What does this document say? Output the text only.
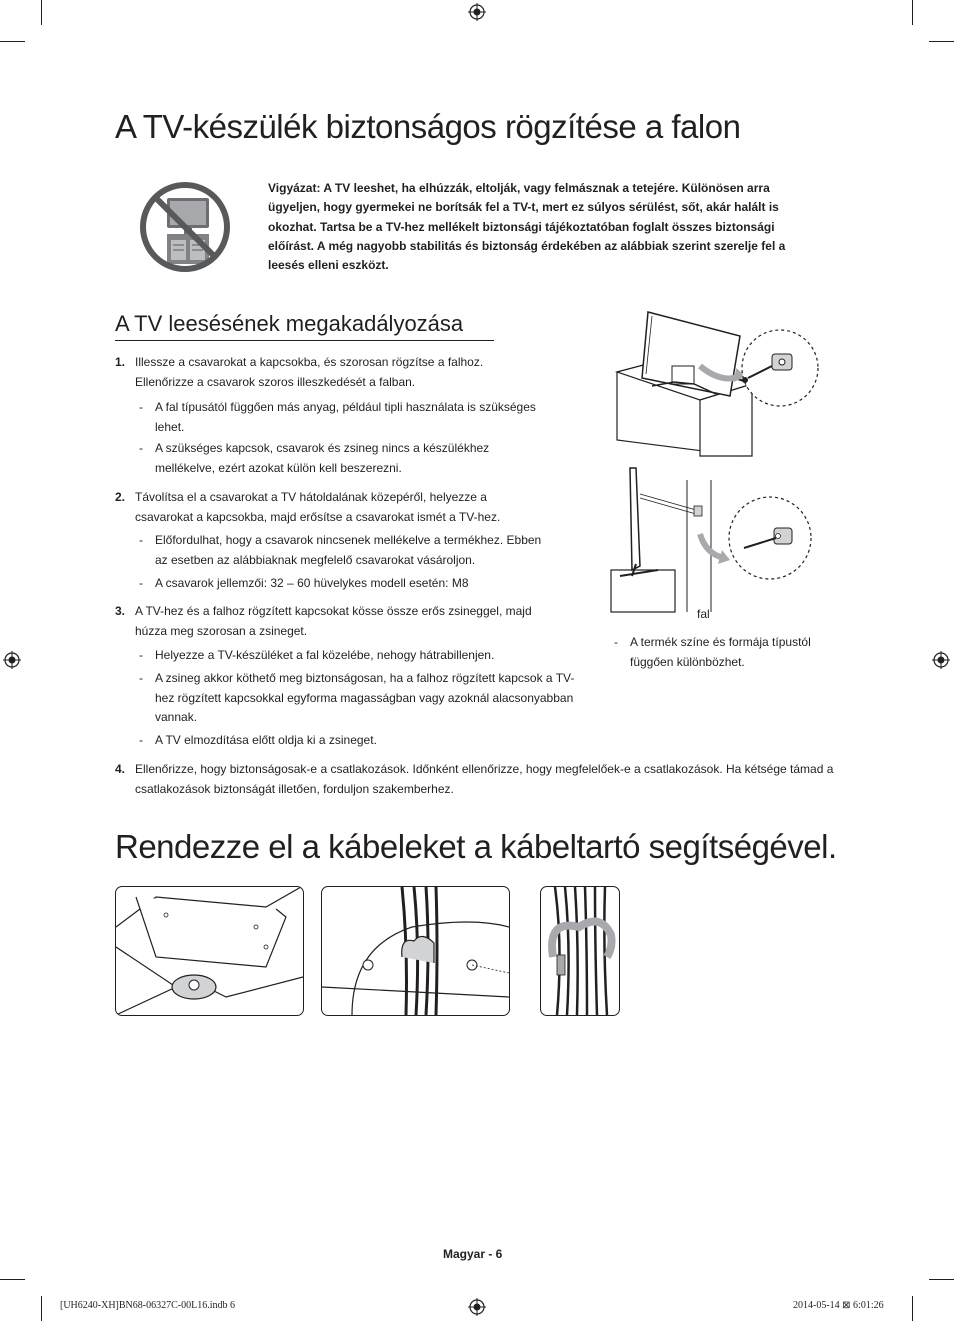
A TV-készülék biztonságos rögzítése a falon
Vigyázat: A TV leeshet, ha elhúzzák, eltolják, vagy felmásznak a tetejére. Különösen arra ügyeljen, hogy gyermekei ne borítsák fel a TV-t, mert ez súlyos sérülést, sőt, akár halált is okozhat. Tartsa be a TV-hez mellékelt biztonsági tájékoztatóban foglalt összes biztonsági előírást. A még nagyobb stabilitás és biztonság érdekében az alábbiak szerint szerelje fel a leesés elleni eszközt.
A TV leesésének megakadályozása
1. Illessze a csavarokat a kapcsokba, és szorosan rögzítse a falhoz. Ellenőrizze a csavarok szoros illeszkedését a falban.
-	A fal típusától függően más anyag, például tipli használata is szükséges lehet.
-	A szükséges kapcsok, csavarok és zsineg nincs a készülékhez mellékelve, ezért azokat külön kell beszerezni.
2. Távolítsa el a csavarokat a TV hátoldalának közepéről, helyezze a csavarokat a kapcsokba, majd erősítse a csavarokat ismét a TV-hez.
-	Előfordulhat, hogy a csavarok nincsenek mellékelve a termékhez. Ebben az esetben az alábbiaknak megfelelő csavarokat vásároljon.
-	A csavarok jellemzői: 32 – 60 hüvelykes modell esetén: M8
3. A TV-hez és a falhoz rögzített kapcsokat kösse össze erős zsineggel, majd húzza meg szorosan a zsineget.
-	Helyezze a TV-készüléket a fal közelébe, nehogy hátrabillenjen.
-	A zsineg akkor köthető meg biztonságosan, ha a falhoz rögzített kapcsok a TV-hez rögzített kapcsokkal egyforma magasságban vagy azoknál alacsonyabban vannak.
-	A TV elmozdítása előtt oldja ki a zsineget.
4. Ellenőrizze, hogy biztonságosak-e a csatlakozások. Időnként ellenőrizze, hogy megfelelőek-e a csatlakozások. Ha kétsége támad a csatlakozások biztonságát illetően, forduljon szakemberhez.
fal
-	A termék színe és formája típustól függően különbözhet.
Rendezze el a kábeleket a kábeltartó segítségével.
Magyar - 6
[UH6240-XH]BN68-06327C-00L16.indb 6	2014-05-14 ⊠ 6:01:26
